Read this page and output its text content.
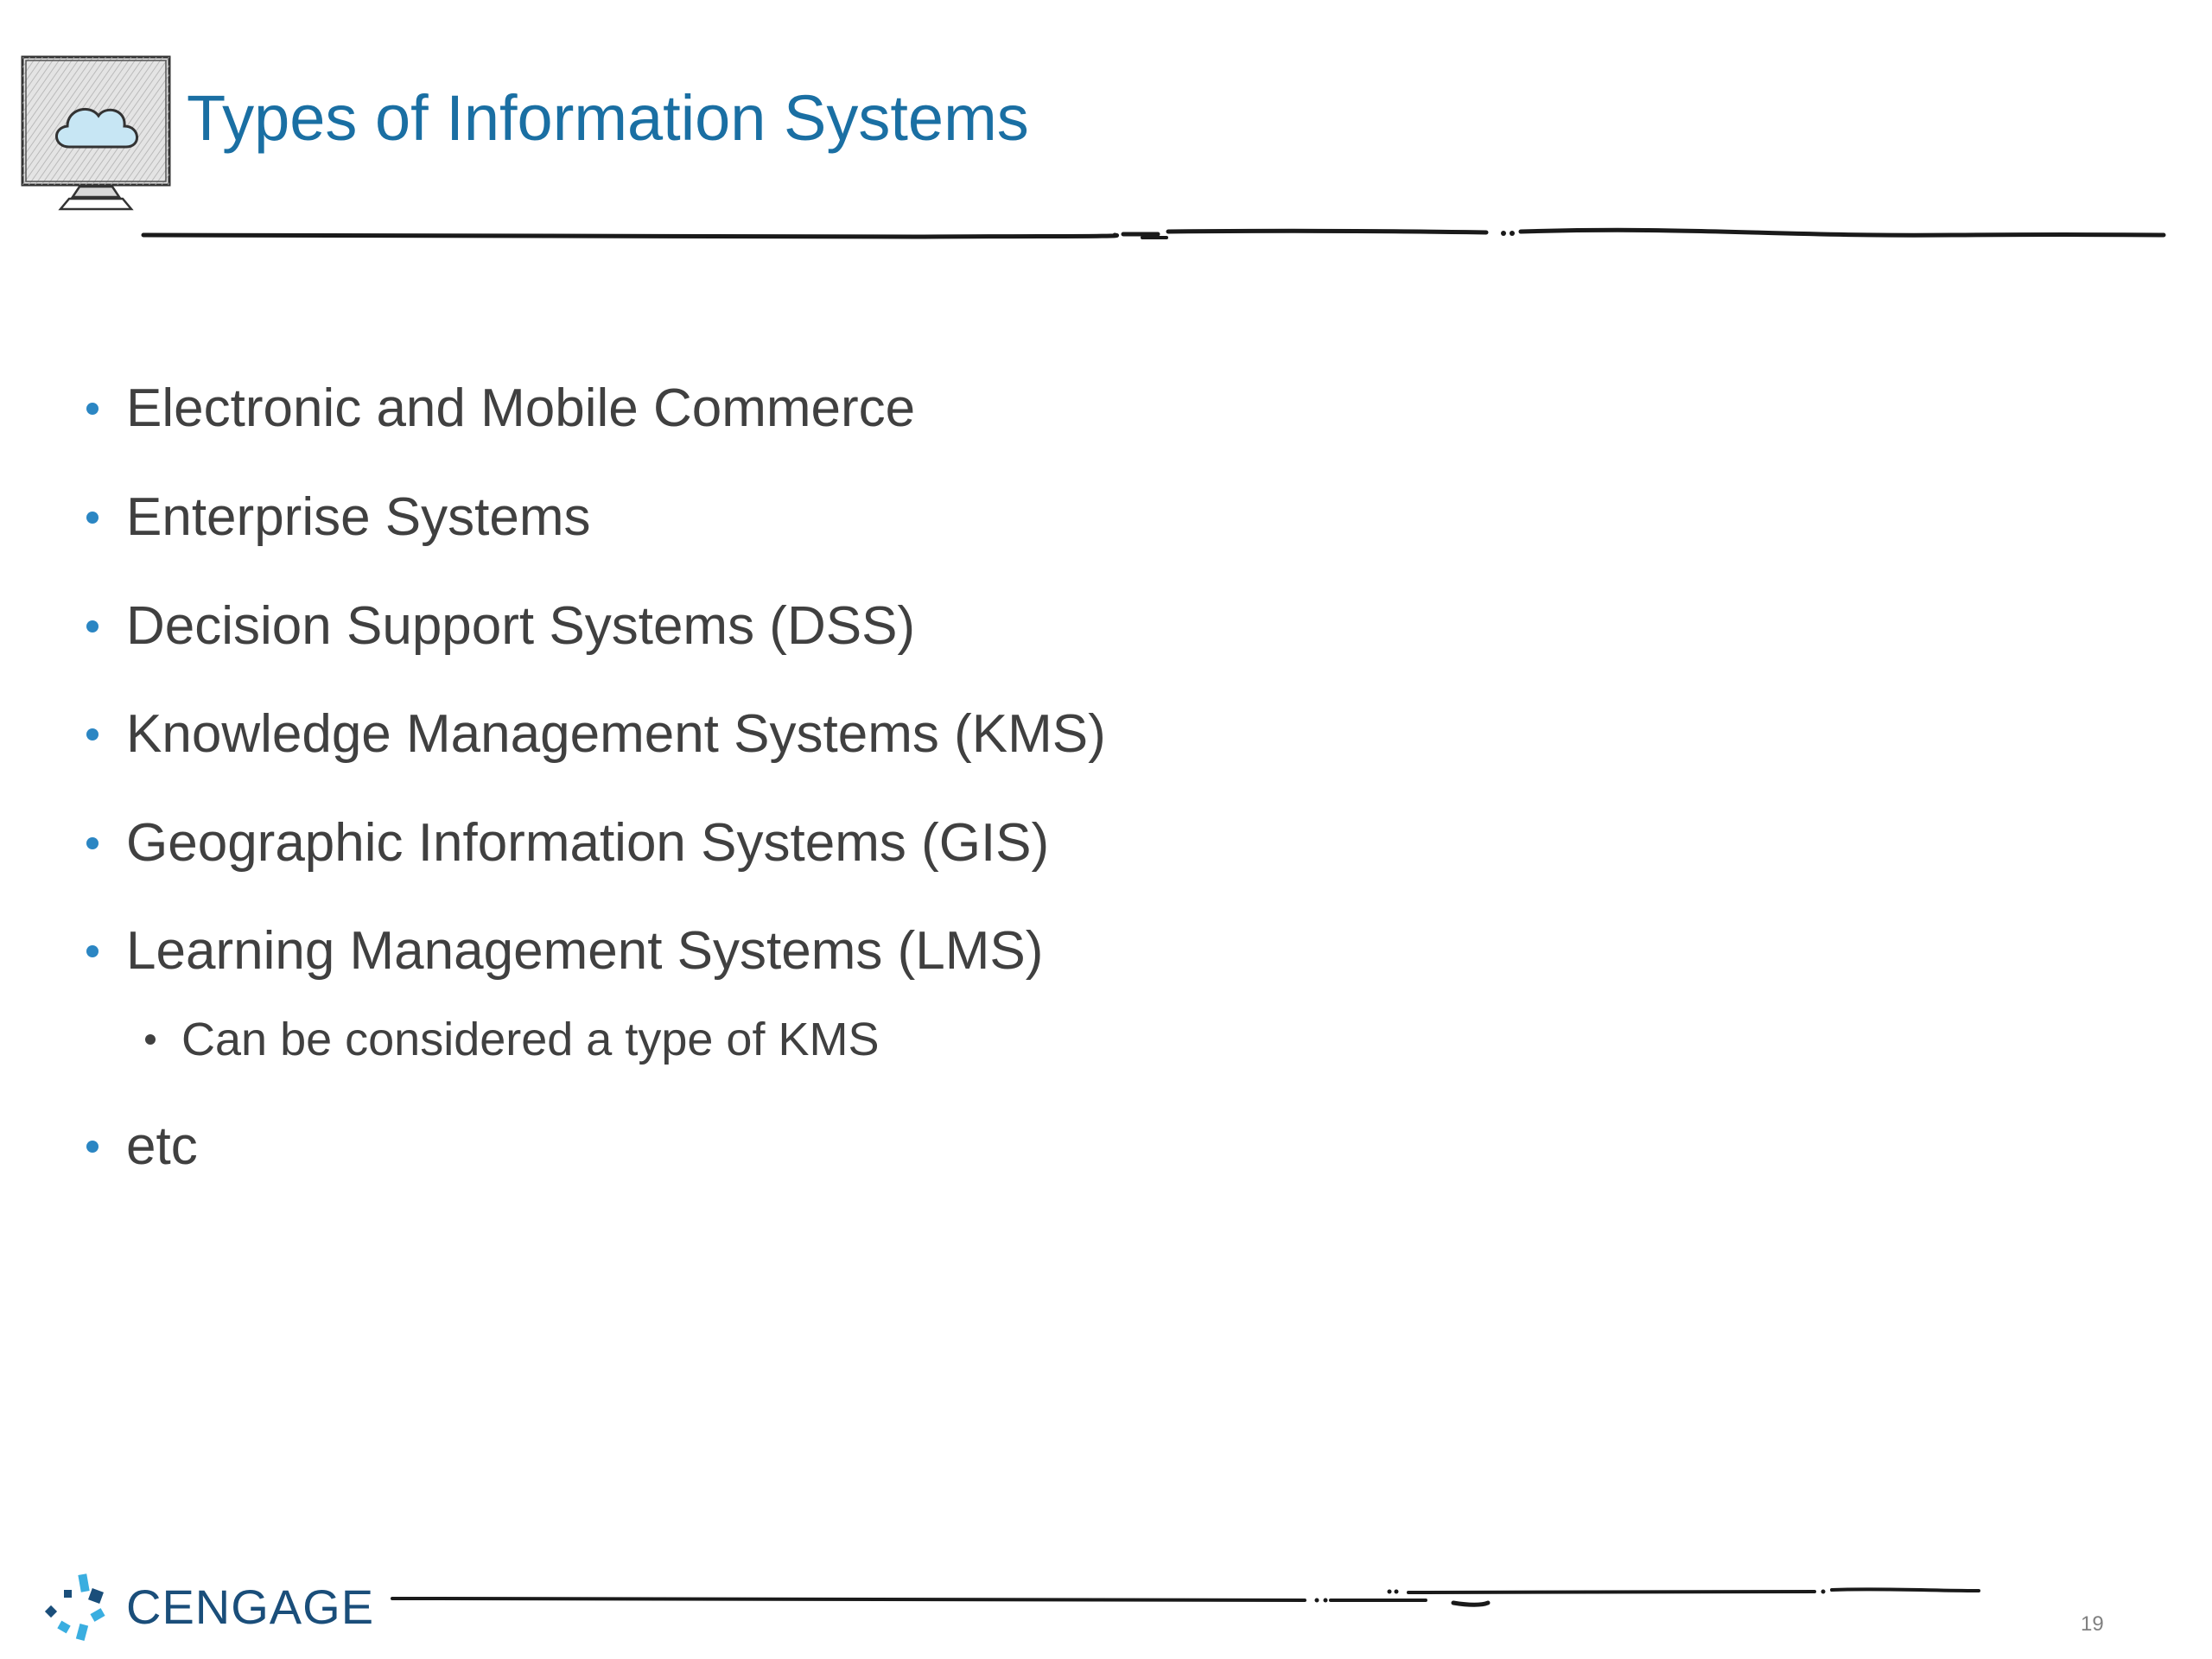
Types of Information Systems
Electronic and Mobile Commerce
Enterprise Systems
Decision Support Systems (DSS)
Knowledge Management Systems (KMS)
Geographic Information Systems (GIS)
Learning Management Systems (LMS)
Can be considered a type of KMS
etc
CENGAGE	19
